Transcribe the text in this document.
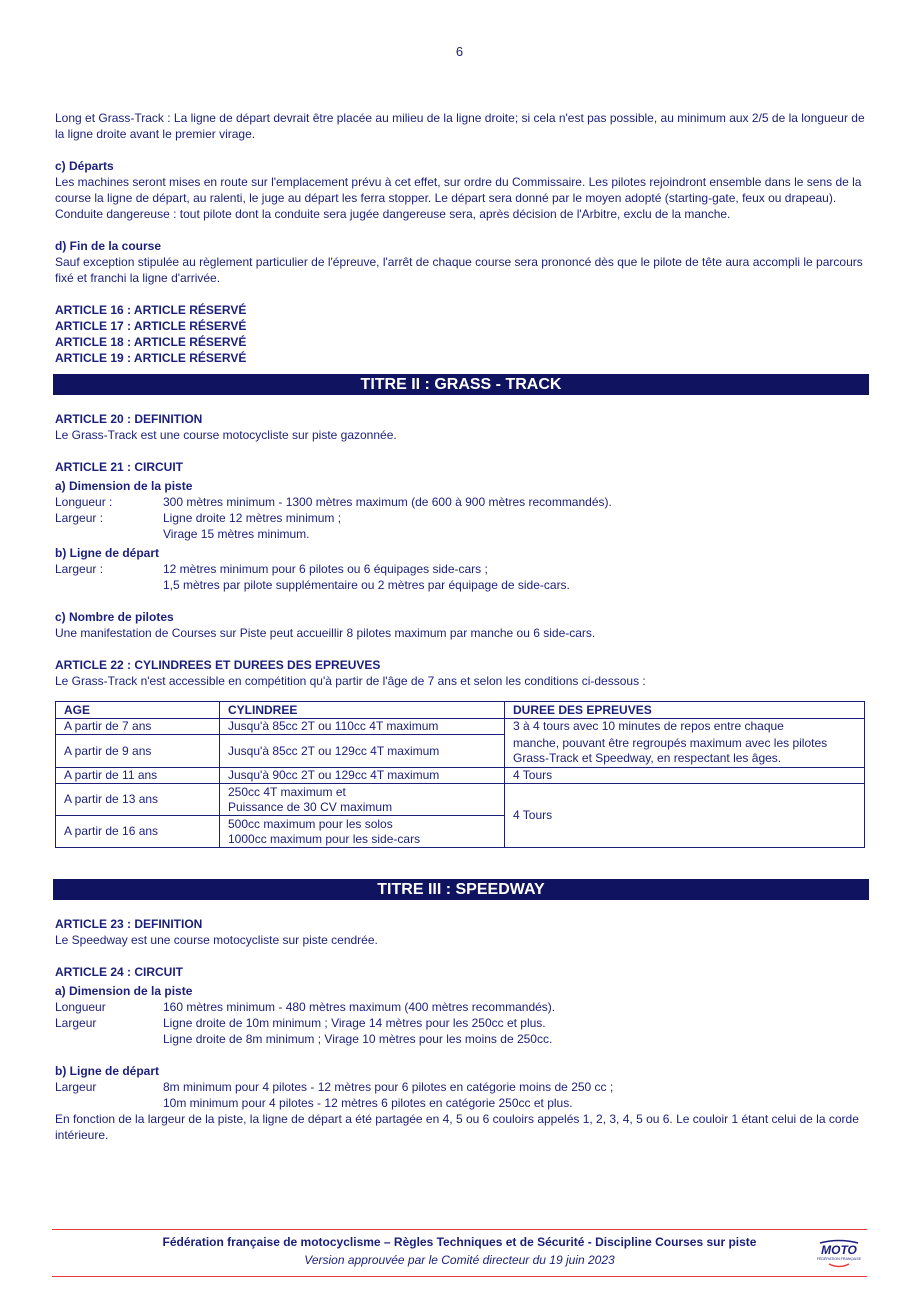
6

Long et Grass-Track : La ligne de départ devrait être placée au milieu de la ligne droite; si cela n'est pas possible, au minimum aux 2/5 de la longueur de la ligne droite avant le premier virage.

c) Départs

Les machines seront mises en route sur l'emplacement prévu à cet effet, sur ordre du Commissaire. Les pilotes rejoindront ensemble dans le sens de la course la ligne de départ, au ralenti, le juge au départ les ferra stopper. Le départ sera donné par le moyen adopté (starting-gate, feux ou drapeau).

Conduite dangereuse : tout pilote dont la conduite sera jugée dangereuse sera, après décision de l'Arbitre, exclu de la manche.

d) Fin de la course

Sauf exception stipulée au règlement particulier de l'épreuve, l'arrêt de chaque course sera prononcé dès que le pilote de tête aura accompli le parcours fixé et franchi la ligne d'arrivée.

ARTICLE 16 : ARTICLE RÉSERVÉ

ARTICLE 17 : ARTICLE RÉSERVÉ

ARTICLE 18 : ARTICLE RÉSERVÉ

ARTICLE 19 : ARTICLE RÉSERVÉ

TITRE II : GRASS - TRACK

ARTICLE 20 : DEFINITION

Le Grass-Track est une course motocycliste sur piste gazonnée.

ARTICLE 21 : CIRCUIT

a) Dimension de la piste

Longueur :	300 mètres minimum - 1300 mètres maximum (de 600 à 900 mètres recommandés).
Largeur :	Ligne droite 12 mètres minimum ;
Virage 15 mètres minimum.

b) Ligne de départ

Largeur :	12 mètres minimum pour 6 pilotes ou 6 équipages side-cars ;
1,5 mètres par pilote supplémentaire ou 2 mètres par équipage de side-cars.

c) Nombre de pilotes

Une manifestation de Courses sur Piste peut accueillir 8 pilotes maximum par manche ou 6 side-cars.

ARTICLE 22 : CYLINDREES ET DUREES DES EPREUVES

Le Grass-Track n'est accessible en compétition qu'à partir de l'âge de 7 ans et selon les conditions ci-dessous :

AGE	CYLINDREE	DUREE DES EPREUVES
A partir de 7 ans	Jusqu'à 85cc 2T ou 110cc 4T maximum	3 à 4 tours avec 10 minutes de repos entre chaque
A partir de 9 ans	Jusqu'à 85cc 2T ou 129cc 4T maximum	manche, pouvant être regroupés maximum avec les pilotes Grass-Track et Speedway, en respectant les âges.
A partir de 11 ans	Jusqu'à 90cc 2T ou 129cc 4T maximum	4 Tours
A partir de 13 ans	250cc 4T maximum et
Puissance de 30 CV maximum	4 Tours
A partir de 16 ans	500cc maximum pour les solos
1000cc maximum pour les side-cars	
TITRE III : SPEEDWAY

ARTICLE 23 : DEFINITION

Le Speedway est une course motocycliste sur piste cendrée.

ARTICLE 24 : CIRCUIT

a) Dimension de la piste

Longueur	160 mètres minimum - 480 mètres maximum (400 mètres recommandés).
Largeur	Ligne droite de 10m minimum ; Virage 14 mètres pour les 250cc et plus.
Ligne droite de 8m minimum ; Virage 10 mètres pour les moins de 250cc.

b) Ligne de départ

Largeur	8m minimum pour 4 pilotes - 12 mètres pour 6 pilotes en catégorie moins de 250 cc ;
10m minimum pour 4 pilotes - 12 mètres 6 pilotes en catégorie 250cc et plus.

En fonction de la largeur de la piste, la ligne de départ a été partagée en 4, 5 ou 6 couloirs appelés 1, 2, 3, 4, 5 ou 6. Le couloir 1 étant celui de la corde intérieure.

Fédération française de motocyclisme – Règles Techniques et de Sécurité - Discipline Courses sur piste
Version approuvée par le Comité directeur du 19 juin 2023
MOTO
FÉDÉRATION FRANÇAISE
